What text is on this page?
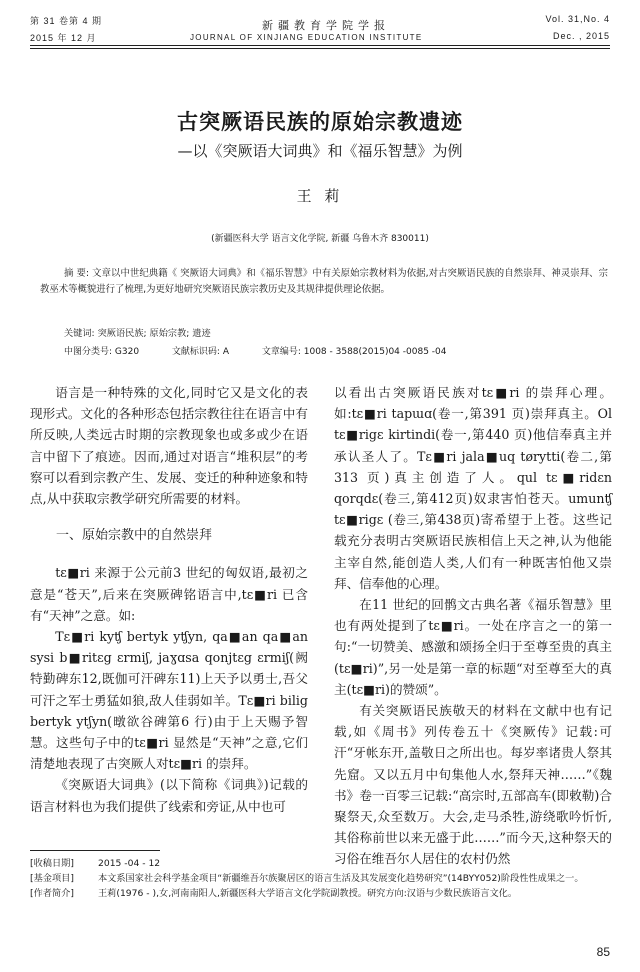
第 31 卷第 4 期
2015 年 12 月
新疆教育学院学报
JOURNAL OF XINJIANG EDUCATION INSTITUTE
Vol. 31,No. 4
Dec. , 2015
古突厥语民族的原始宗教遗迹
—以《突厥语大词典》和《福乐智慧》为例
王 莉
(新疆医科大学 语言文化学院, 新疆 乌鲁木齐 830011)
摘 要: 文章以中世纪典籍《 突厥语大词典》和《福乐智慧》中有关原始宗教材料为依据,对古突厥语民族的自然崇拜、神灵崇拜、宗教巫术等概貌进行了梳理,为更好地研究突厥语民族宗教历史及其规律提供理论依据。
关键词: 突厥语民族; 原始宗教; 遗迹
中图分类号: G320	文献标识码: A	文章编号: 1008 - 3588(2015)04 -0085 -04

语言是一种特殊的文化,同时它又是文化的表现形式。文化的各种形态包括宗教往往在语言中有所反映,人类远古时期的宗教现象也或多或少在语言中留下了痕迹。因而,通过对语言“堆积层”的考察可以看到宗教产生、发展、变迁的种种迹象和特点,从中获取宗教学研究所需要的材料。

一、原始宗教中的自然崇拜

tɛ■ri 来源于公元前3 世纪的匈奴语,最初之意是“苍天”,后来在突厥碑铭语言中,tɛ■ri 已含有“天神”之意。如:

Tɛ■ri kyʧ bertyk yʧyn, qa■an qa■an sysi b■ritɛg ɛrmiʃ, jaɣɑsa qonjtɛg ɛrmiʃ(阙特勤碑东12,既伽可汗碑东11)上天予以勇士,吾父可汗之军士勇猛如狼,敌人佳弱如羊。Tɛ■ri bilig bertyk ytʃyn(暾欲谷碑第6 行)由于上天赐予智慧。这些句子中的tɛ■ri 显然是“天神”之意,它们清楚地表现了古突厥人对tɛ■ri 的崇拜。

《突厥语大词典》(以下简称《词典》)记载的语言材料也为我们提供了线索和旁证,从中也可

以看出古突厥语民族对tɛ■ri 的崇拜心理。如:tɛ■ri tapɯɑ(卷一,第391 页)崇拜真主。Ol tɛ■rigɛ kirtindi(卷一,第440 页)他信奉真主并承认圣人了。Tɛ■ri jala■uq tørytti(卷二,第313 页)真主创造了人。qul tɛ■ridɛn qorqdɛ(卷三,第412页)奴隶害怕苍天。umunʧ tɛ■rigɛ (卷三,第438页)寄希望于上苍。这些记载充分表明古突厥语民族相信上天之神,认为他能主宰自然,能创造人类,人们有一种既害怕他又崇拜、信奉他的心理。

在11 世纪的回鹘文古典名著《福乐智慧》里也有两处提到了tɛ■ri。一处在序言之一的第一句:“一切赞美、感激和颂扬全归于至尊至贵的真主(tɛ■ri)”,另一处是第一章的标题“对至尊至大的真主(tɛ■ri)的赞颂”。

有关突厥语民族敬天的材料在文献中也有记载,如《周书》列传卷五十《突厥传》记载:可汗“牙帐东开,盖敬日之所出也。每岁率诸贵人祭其先窟。又以五月中旬集他人水,祭拜天神……”《魏书》卷一百零三记载:“高宗时,五部高车(即敕勒)合聚祭天,众至数万。大会,走马杀牲,游绕歌吟忻忻,其俗称前世以来无盛于此……”而今天,这种祭天的习俗在维吾尔人居住的农村仍然

[收稿日期]	2015 -04 - 12

[基金项目]	本文系国家社会科学基金项目“新疆维吾尔族聚居区的语言生活及其发展变化趋势研究”(14BYY052)阶段性性成果之一。

[作者简介]	王莉(1976 - ),女,河南南阳人,新疆医科大学语言文化学院副教授。研究方向:汉语与少数民族语言文化。

85
